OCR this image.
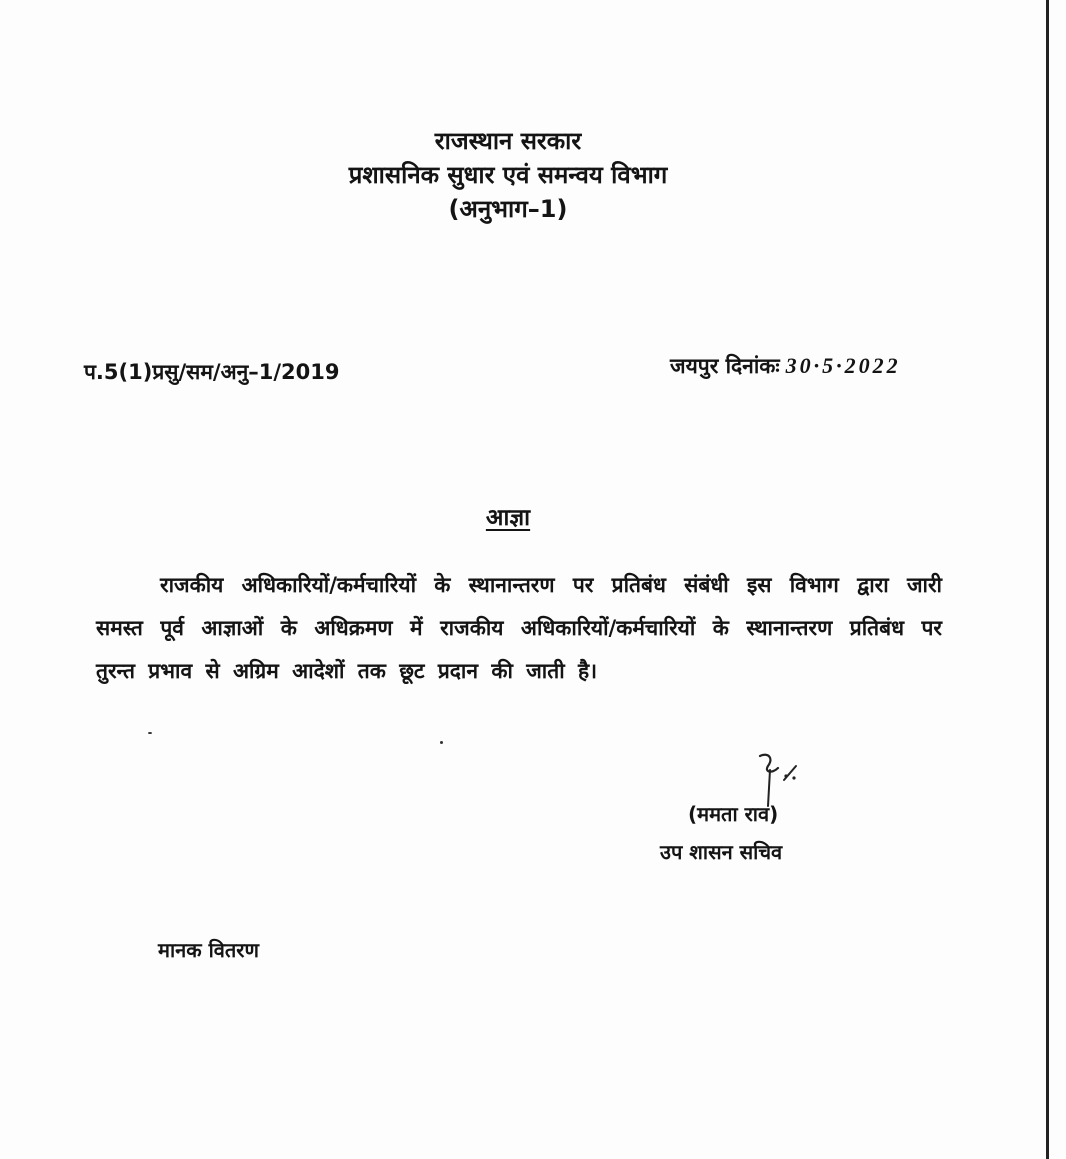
राजस्थान सरकार
प्रशासनिक सुधार एवं समन्वय विभाग
(अनुभाग–1)
प.5(1)प्रसु/सम/अनु–1/2019	जयपुर दिनांकः 30·5·2022
आज्ञा
राजकीय अधिकारियों/कर्मचारियों के स्थानान्तरण पर प्रतिबंध संबंधी इस विभाग द्वारा जारी समस्त पूर्व आज्ञाओं के अधिक्रमण में राजकीय अधिकारियों/कर्मचारियों के स्थानान्तरण प्रतिबंध पर तुरन्त प्रभाव से अग्रिम आदेशों तक छूट प्रदान की जाती है।
(ममता राव)
उप शासन सचिव
मानक वितरण
